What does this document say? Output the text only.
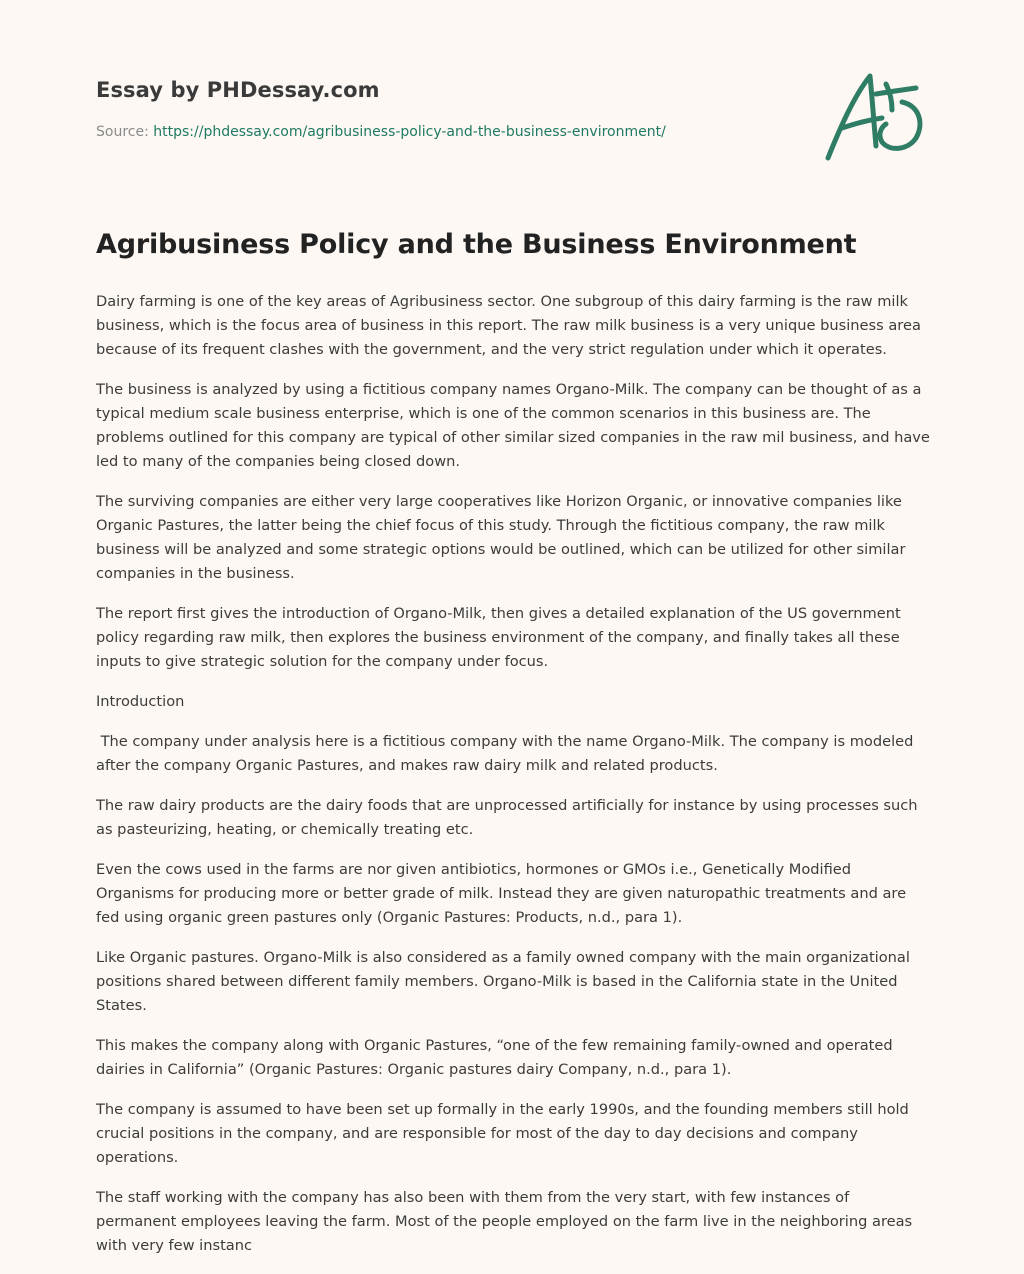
Essay by PHDessay.com
Source: https://phdessay.com/agribusiness-policy-and-the-business-environment/
Agribusiness Policy and the Business Environment

Dairy farming is one of the key areas of Agribusiness sector. One subgroup of this dairy farming is the raw milk business, which is the focus area of business in this report. The raw milk business is a very unique business area because of its frequent clashes with the government, and the very strict regulation under which it operates.

The business is analyzed by using a fictitious company names Organo-Milk. The company can be thought of as a typical medium scale business enterprise, which is one of the common scenarios in this business are. The problems outlined for this company are typical of other similar sized companies in the raw mil business, and have led to many of the companies being closed down.

The surviving companies are either very large cooperatives like Horizon Organic, or innovative companies like Organic Pastures, the latter being the chief focus of this study. Through the fictitious company, the raw milk business will be analyzed and some strategic options would be outlined, which can be utilized for other similar companies in the business.

The report first gives the introduction of Organo-Milk, then gives a detailed explanation of the US government policy regarding raw milk, then explores the business environment of the company, and finally takes all these inputs to give strategic solution for the company under focus.

Introduction

The company under analysis here is a fictitious company with the name Organo-Milk. The company is modeled after the company Organic Pastures, and makes raw dairy milk and related products.

The raw dairy products are the dairy foods that are unprocessed artificially for instance by using processes such as pasteurizing, heating, or chemically treating etc.

Even the cows used in the farms are nor given antibiotics, hormones or GMOs i.e., Genetically Modified Organisms for producing more or better grade of milk. Instead they are given naturopathic treatments and are fed using organic green pastures only (Organic Pastures: Products, n.d., para 1).

Like Organic pastures. Organo-Milk is also considered as a family owned company with the main organizational positions shared between different family members. Organo-Milk is based in the California state in the United States.

This makes the company along with Organic Pastures, “one of the few remaining family-owned and operated dairies in California” (Organic Pastures: Organic pastures dairy Company, n.d., para 1).

The company is assumed to have been set up formally in the early 1990s, and the founding members still hold crucial positions in the company, and are responsible for most of the day to day decisions and company operations.

The staff working with the company has also been with them from the very start, with few instances of permanent employees leaving the farm. Most of the people employed on the farm live in the neighboring areas with very few instanc
